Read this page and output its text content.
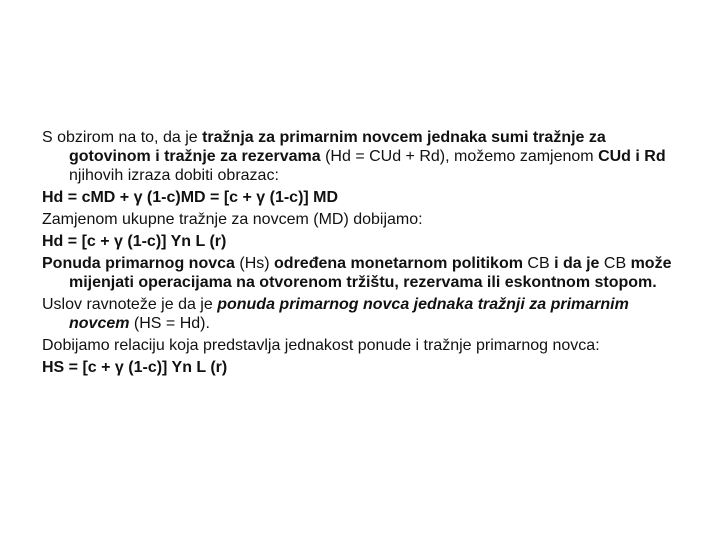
S obzirom na to, da je tražnja za primarnim novcem jednaka sumi tražnje za gotovinom i tražnje za rezervama (Hd = CUd + Rd), možemo zamjenom CUd i Rd njihovih izraza dobiti obrazac:

Hd = cMD + γ (1-c)MD = [c + γ (1-c)] MD

Zamjenom ukupne tražnje za novcem (MD) dobijamo:

Hd = [c + γ (1-c)] Yn L (r)

Ponuda primarnog novca (Hs) određena monetarnom politikom CB i da je CB može mijenjati operacijama na otvorenom tržištu, rezervama ili eskontnom stopom.

Uslov ravnoteže je da je ponuda primarnog novca jednaka tražnji za primarnim novcem (HS = Hd).

Dobijamo relaciju koja predstavlja jednakost ponude i tražnje primarnog novca:

HS = [c + γ (1-c)] Yn L (r)
